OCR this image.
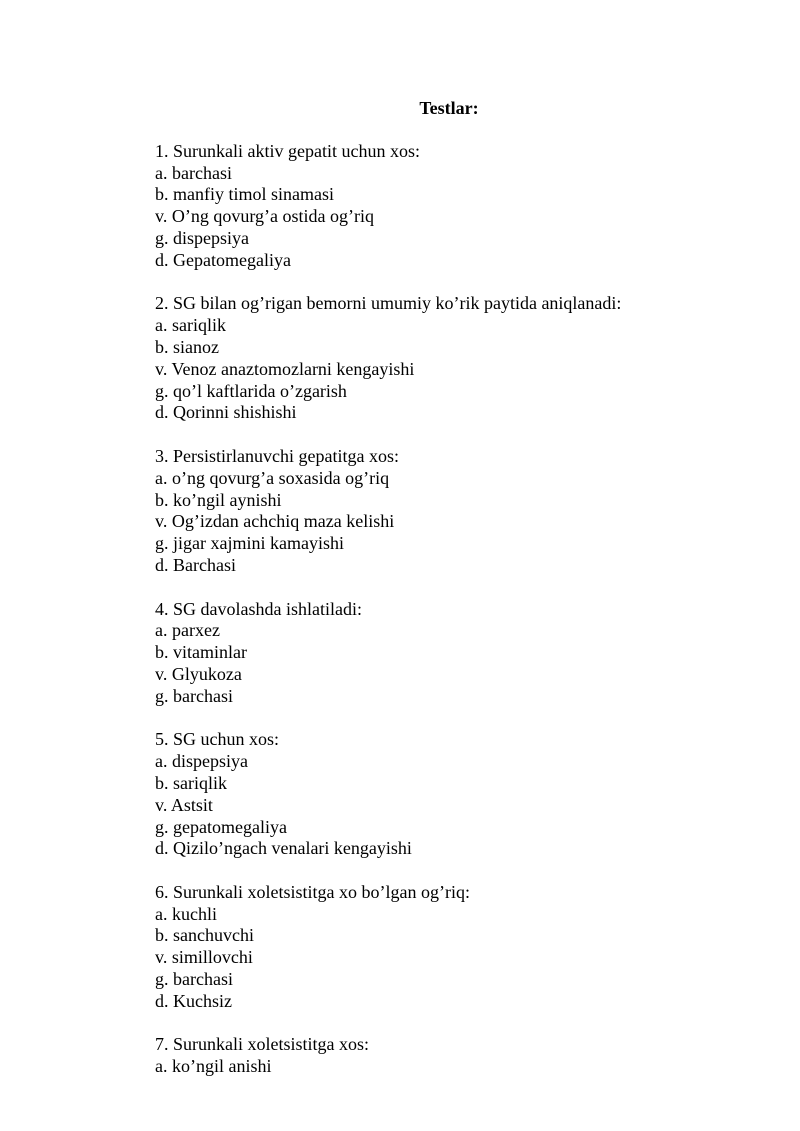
Testlar:
1. Surunkali aktiv gepatit uchun xos:
a. barchasi
b. manfiy timol sinamasi
v. O’ng qovurg’a ostida og’riq
g. dispepsiya
d. Gepatomegaliya
2. SG bilan og’rigan bemorni umumiy ko’rik paytida aniqlanadi:
a. sariqlik
b. sianoz
v. Venoz anaztomozlarni kengayishi
g. qo’l kaftlarida o’zgarish
d. Qorinni shishishi
3. Persistirlanuvchi gepatitga xos:
a. o’ng qovurg’a soxasida og’riq
b. ko’ngil aynishi
v. Og’izdan achchiq maza kelishi
g. jigar xajmini kamayishi
d. Barchasi
4. SG davolashda ishlatiladi:
a. parxez
b. vitaminlar
v. Glyukoza
g. barchasi
5. SG uchun xos:
a. dispepsiya
b. sariqlik
v. Astsit
g. gepatomegaliya
d. Qizilo’ngach venalari kengayishi
6. Surunkali xoletsistitga xo bo’lgan og’riq:
a. kuchli
b. sanchuvchi
v. simillovchi
g. barchasi
d. Kuchsiz
7. Surunkali xoletsistitga xos:
a. ko’ngil anishi
